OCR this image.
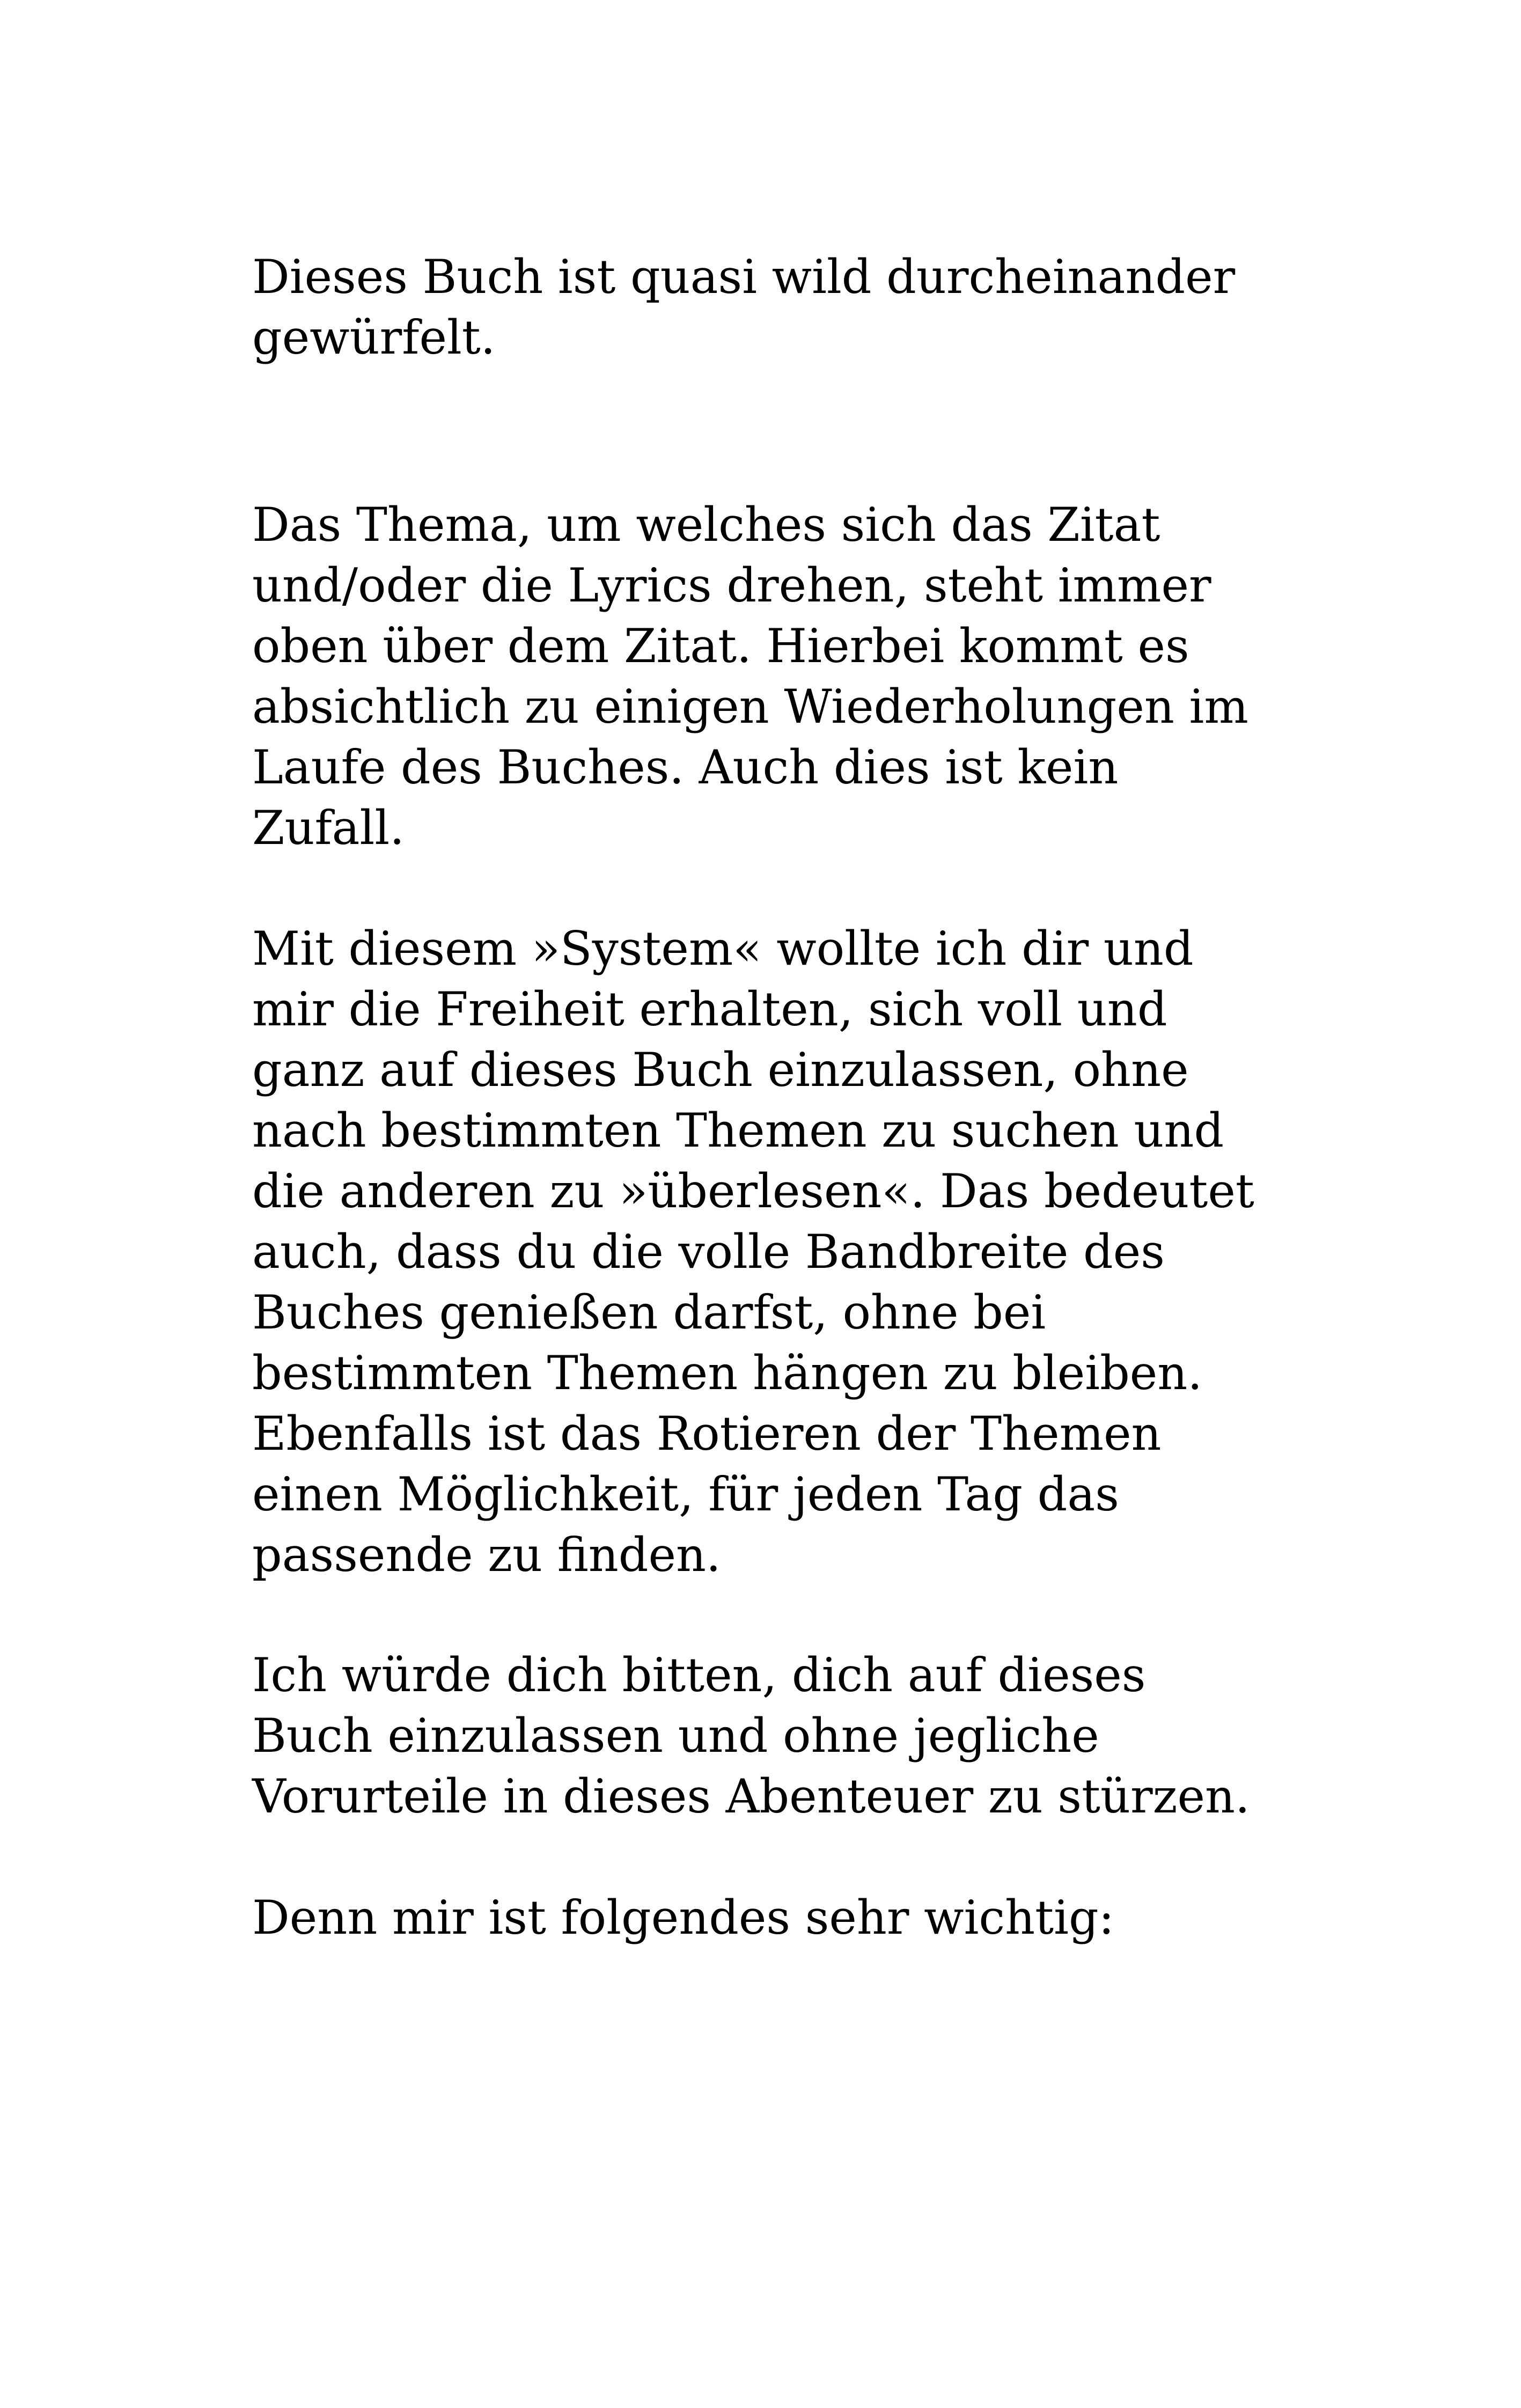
Dieses Buch ist quasi wild durcheinander
gewürfelt.

Das Thema, um welches sich das Zitat
und/oder die Lyrics drehen, steht immer
oben über dem Zitat. Hierbei kommt es
absichtlich zu einigen Wiederholungen im
Laufe des Buches. Auch dies ist kein
Zufall.

Mit diesem »System« wollte ich dir und
mir die Freiheit erhalten, sich voll und
ganz auf dieses Buch einzulassen, ohne
nach bestimmten Themen zu suchen und
die anderen zu »überlesen«. Das bedeutet
auch, dass du die volle Bandbreite des
Buches genießen darfst, ohne bei
bestimmten Themen hängen zu bleiben.
Ebenfalls ist das Rotieren der Themen
einen Möglichkeit, für jeden Tag das
passende zu finden.

Ich würde dich bitten, dich auf dieses
Buch einzulassen und ohne jegliche
Vorurteile in dieses Abenteuer zu stürzen.

Denn mir ist folgendes sehr wichtig:
